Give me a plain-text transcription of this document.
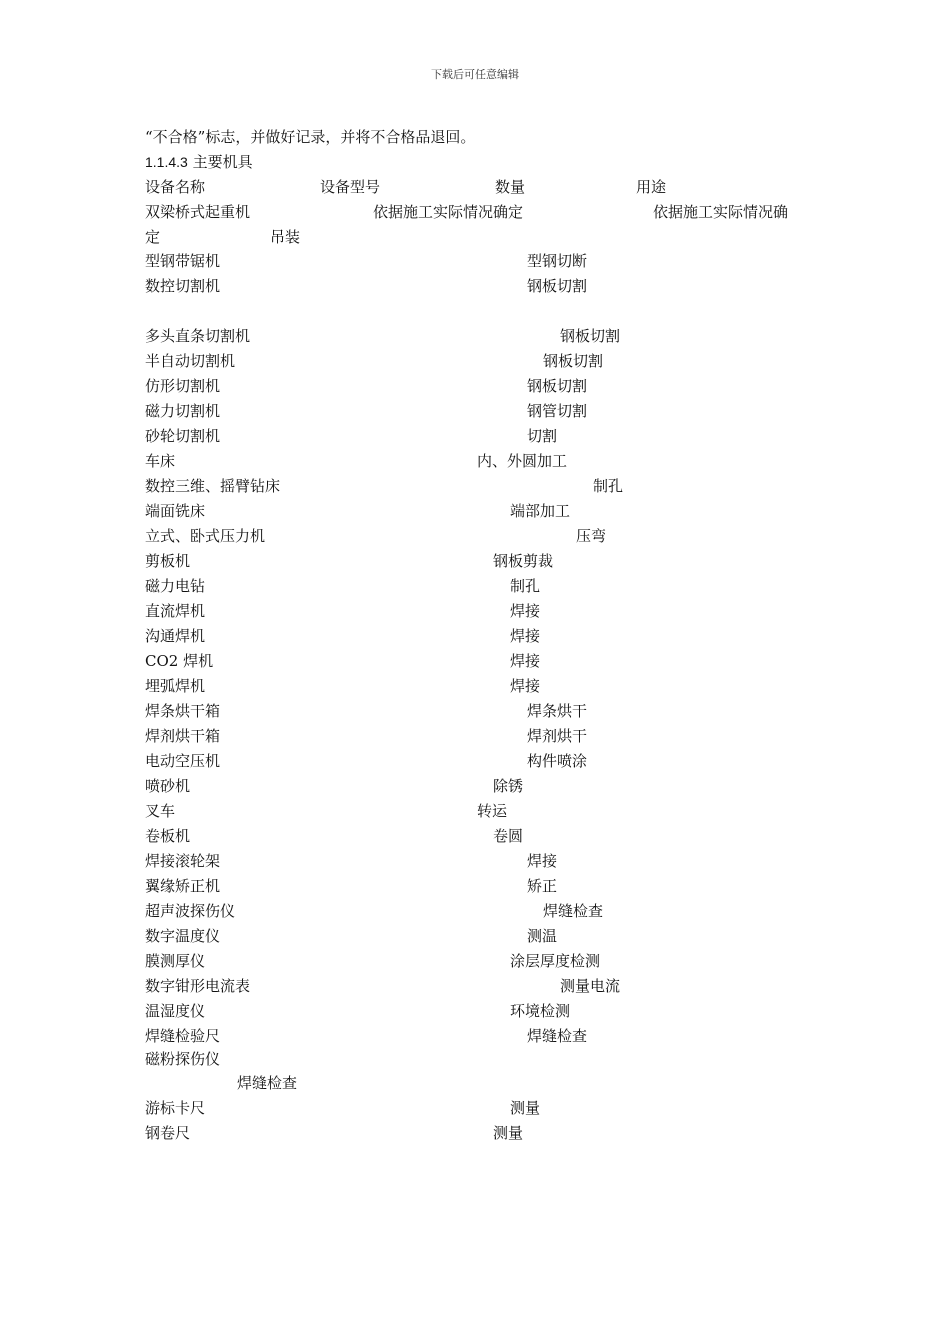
下载后可任意编辑
“不合格”标志，并做好记录，并将不合格品退回。
1.1.4.3 主要机具
设备名称	设备型号	数量	用途
双梁桥式起重机	依据施工实际情况确定	依据施工实际情况确
定	吊装
型钢带锯机	型钢切断
数控切割机	钢板切割
多头直条切割机	钢板切割
半自动切割机	钢板切割
仿形切割机	钢板切割
磁力切割机	钢管切割
砂轮切割机	切割
车床	内、外圆加工
数控三维、摇臂钻床	制孔
端面铣床	端部加工
立式、卧式压力机	压弯
剪板机	钢板剪裁
磁力电钻	制孔
直流焊机	焊接
沟通焊机	焊接
CO2 焊机	焊接
埋弧焊机	焊接
焊条烘干箱	焊条烘干
焊剂烘干箱	焊剂烘干
电动空压机	构件喷涂
喷砂机	除锈
叉车	转运
卷板机	卷圆
焊接滚轮架	焊接
翼缘矫正机	矫正
超声波探伤仪	焊缝检查
数字温度仪	测温
膜测厚仪	涂层厚度检测
数字钳形电流表	测量电流
温湿度仪	环境检测
焊缝检验尺	焊缝检查
磁粉探伤仪
焊缝检查
游标卡尺	测量
钢卷尺	测量
